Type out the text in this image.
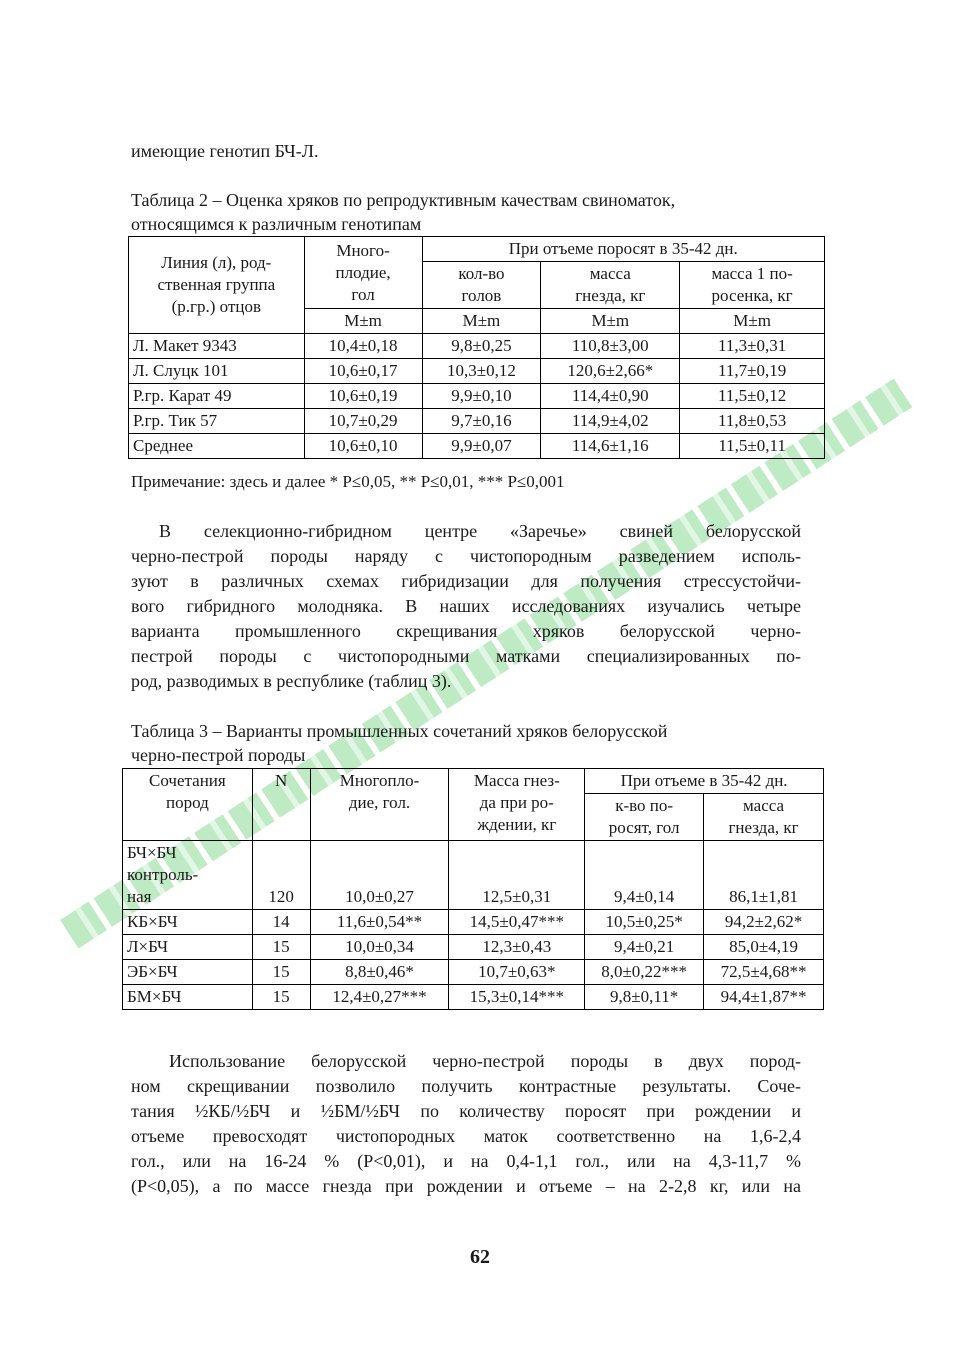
имеющие генотип БЧ-Л.
Таблица 2 – Оценка хряков по репродуктивным качествам свиноматок,
относящимся к различным генотипам
Линия (л), род-
ственная группа
(р.гр.) отцов	Много-
плодие,
гол	При отъеме поросят в 35-42 дн.		

		кол-во
голов	масса
гнезда, кг	масса 1 по-
росенка, кг

	M±m	M±m	M±m	M±m
Л. Макет 9343	10,4±0,18	9,8±0,25	110,8±3,00	11,3±0,31
Л. Слуцк 101	10,6±0,17	10,3±0,12	120,6±2,66*	11,7±0,19
Р.гр. Карат 49	10,6±0,19	9,9±0,10	114,4±0,90	11,5±0,12
Р.гр. Тик 57	10,7±0,29	9,7±0,16	114,9±4,02	11,8±0,53
Среднее	10,6±0,10	9,9±0,07	114,6±1,16	11,5±0,11
Примечание: здесь и далее * P≤0,05, ** P≤0,01, *** P≤0,001
В селекционно-гибридном центре «Заречье» свиней белорусской
черно-пестрой породы наряду с чистопородным разведением исполь-
зуют в различных схемах гибридизации для получения стрессустойчи-
вого гибридного молодняка. В наших исследованиях изучались четыре
варианта промышленного скрещивания хряков белорусской черно-
пестрой породы с чистопородными матками специализированных по-
род, разводимых в республике (таблиц 3).
Таблица 3 – Варианты промышленных сочетаний хряков белорусской
черно-пестрой породы
Сочетания
пород	N	Многопло-
дие, гол.	Масса гнез-
да при ро-
ждении, кг	При отъеме в 35-42 дн.	

				к-во по-
росят, гол	масса
гнезда, кг

БЧ×БЧ
контроль-
ная	120	10,0±0,27	12,5±0,31	9,4±0,14	86,1±1,81
КБ×БЧ	14	11,6±0,54**	14,5±0,47***	10,5±0,25*	94,2±2,62*
Л×БЧ	15	10,0±0,34	12,3±0,43	9,4±0,21	85,0±4,19
ЭБ×БЧ	15	8,8±0,46*	10,7±0,63*	8,0±0,22***	72,5±4,68**
БМ×БЧ	15	12,4±0,27***	15,3±0,14***	9,8±0,11*	94,4±1,87**
Использование белорусской черно-пестрой породы в двух пород-
ном скрещивании позволило получить контрастные результаты. Соче-
тания ½КБ/½БЧ и ½БМ/½БЧ по количеству поросят при рождении и
отъеме превосходят чистопородных маток соответственно на 1,6-2,4
гол., или на 16-24 % (P<0,01), и на 0,4-1,1 гол., или на 4,3-11,7 %
(P<0,05), а по массе гнезда при рождении и отъеме – на 2-2,8 кг, или на
62
